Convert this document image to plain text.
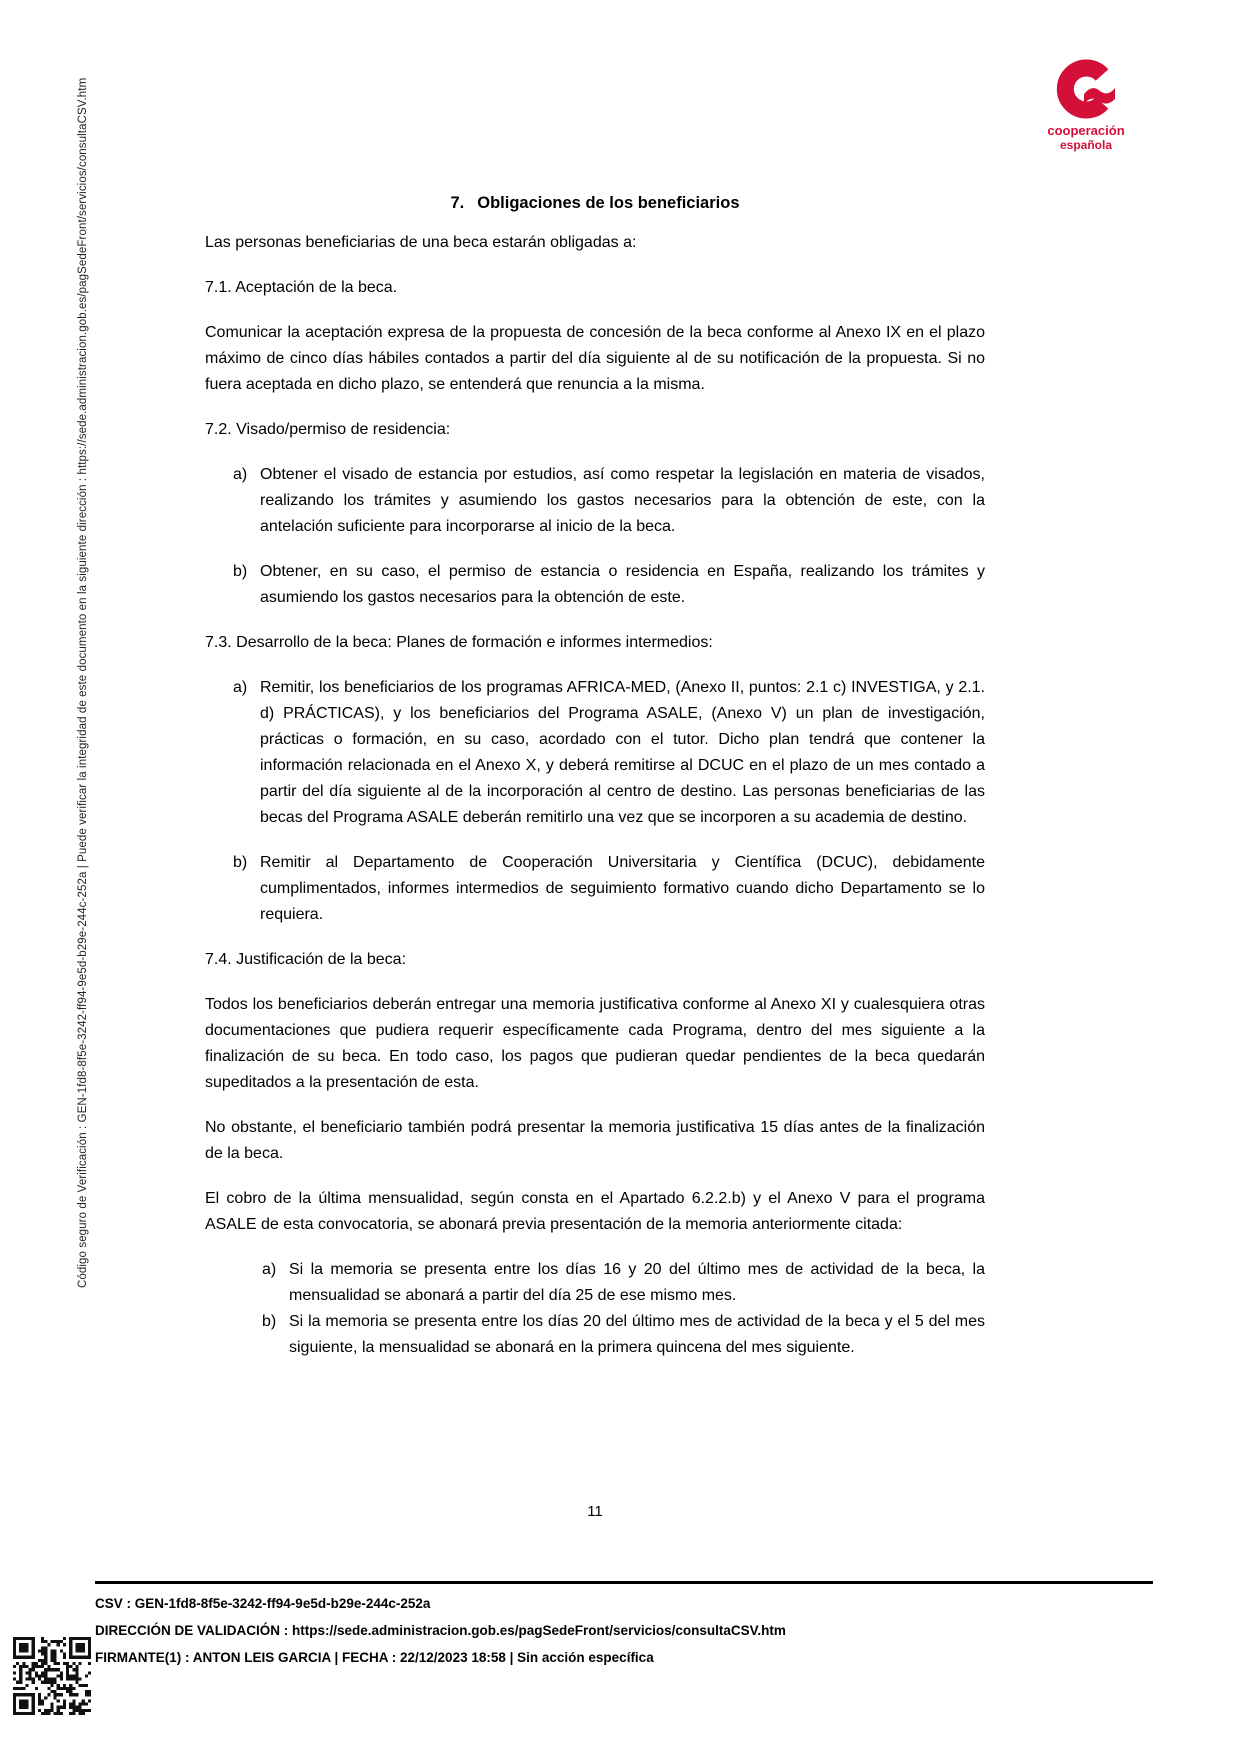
Código seguro de Verificación : GEN-1fd8-8f5e-3242-ff94-9e5d-b29e-244c-252a | Puede verificar la integridad de este documento en la siguiente dirección : https://sede.administracion.gob.es/pagSedeFront/servicios/consultaCSV.htm	cooperación
española
7. Obligaciones de los beneficiarios

Las personas beneficiarias de una beca estarán obligadas a:

7.1. Aceptación de la beca.

Comunicar la aceptación expresa de la propuesta de concesión de la beca conforme al Anexo IX en el plazo máximo de cinco días hábiles contados a partir del día siguiente al de su notificación de la propuesta. Si no fuera aceptada en dicho plazo, se entenderá que renuncia a la misma.

7.2. Visado/permiso de residencia:

a) Obtener el visado de estancia por estudios, así como respetar la legislación en materia de visados, realizando los trámites y asumiendo los gastos necesarios para la obtención de este, con la antelación suficiente para incorporarse al inicio de la beca.

b) Obtener, en su caso, el permiso de estancia o residencia en España, realizando los trámites y asumiendo los gastos necesarios para la obtención de este.

7.3. Desarrollo de la beca: Planes de formación e informes intermedios:

a) Remitir, los beneficiarios de los programas AFRICA-MED, (Anexo II, puntos: 2.1 c) INVESTIGA, y 2.1. d) PRÁCTICAS), y los beneficiarios del Programa ASALE, (Anexo V) un plan de investigación, prácticas o formación, en su caso, acordado con el tutor. Dicho plan tendrá que contener la información relacionada en el Anexo X, y deberá remitirse al DCUC en el plazo de un mes contado a partir del día siguiente al de la incorporación al centro de destino. Las personas beneficiarias de las becas del Programa ASALE deberán remitirlo una vez que se incorporen a su academia de destino.

b) Remitir al Departamento de Cooperación Universitaria y Científica (DCUC), debidamente cumplimentados, informes intermedios de seguimiento formativo cuando dicho Departamento se lo requiera.

7.4. Justificación de la beca:

Todos los beneficiarios deberán entregar una memoria justificativa conforme al Anexo XI y cualesquiera otras documentaciones que pudiera requerir específicamente cada Programa, dentro del mes siguiente a la finalización de su beca. En todo caso, los pagos que pudieran quedar pendientes de la beca quedarán supeditados a la presentación de esta.

No obstante, el beneficiario también podrá presentar la memoria justificativa 15 días antes de la finalización de la beca.

El cobro de la última mensualidad, según consta en el Apartado 6.2.2.b) y el Anexo V para el programa ASALE de esta convocatoria, se abonará previa presentación de la memoria anteriormente citada:

a) Si la memoria se presenta entre los días 16 y 20 del último mes de actividad de la beca, la mensualidad se abonará a partir del día 25 de ese mismo mes.

b) Si la memoria se presenta entre los días 20 del último mes de actividad de la beca y el 5 del mes siguiente, la mensualidad se abonará en la primera quincena del mes siguiente.

11
CSV : GEN-1fd8-8f5e-3242-ff94-9e5d-b29e-244c-252a
DIRECCIÓN DE VALIDACIÓN : https://sede.administracion.gob.es/pagSedeFront/servicios/consultaCSV.htm
FIRMANTE(1) : ANTON LEIS GARCIA | FECHA : 22/12/2023 18:58 | Sin acción específica
